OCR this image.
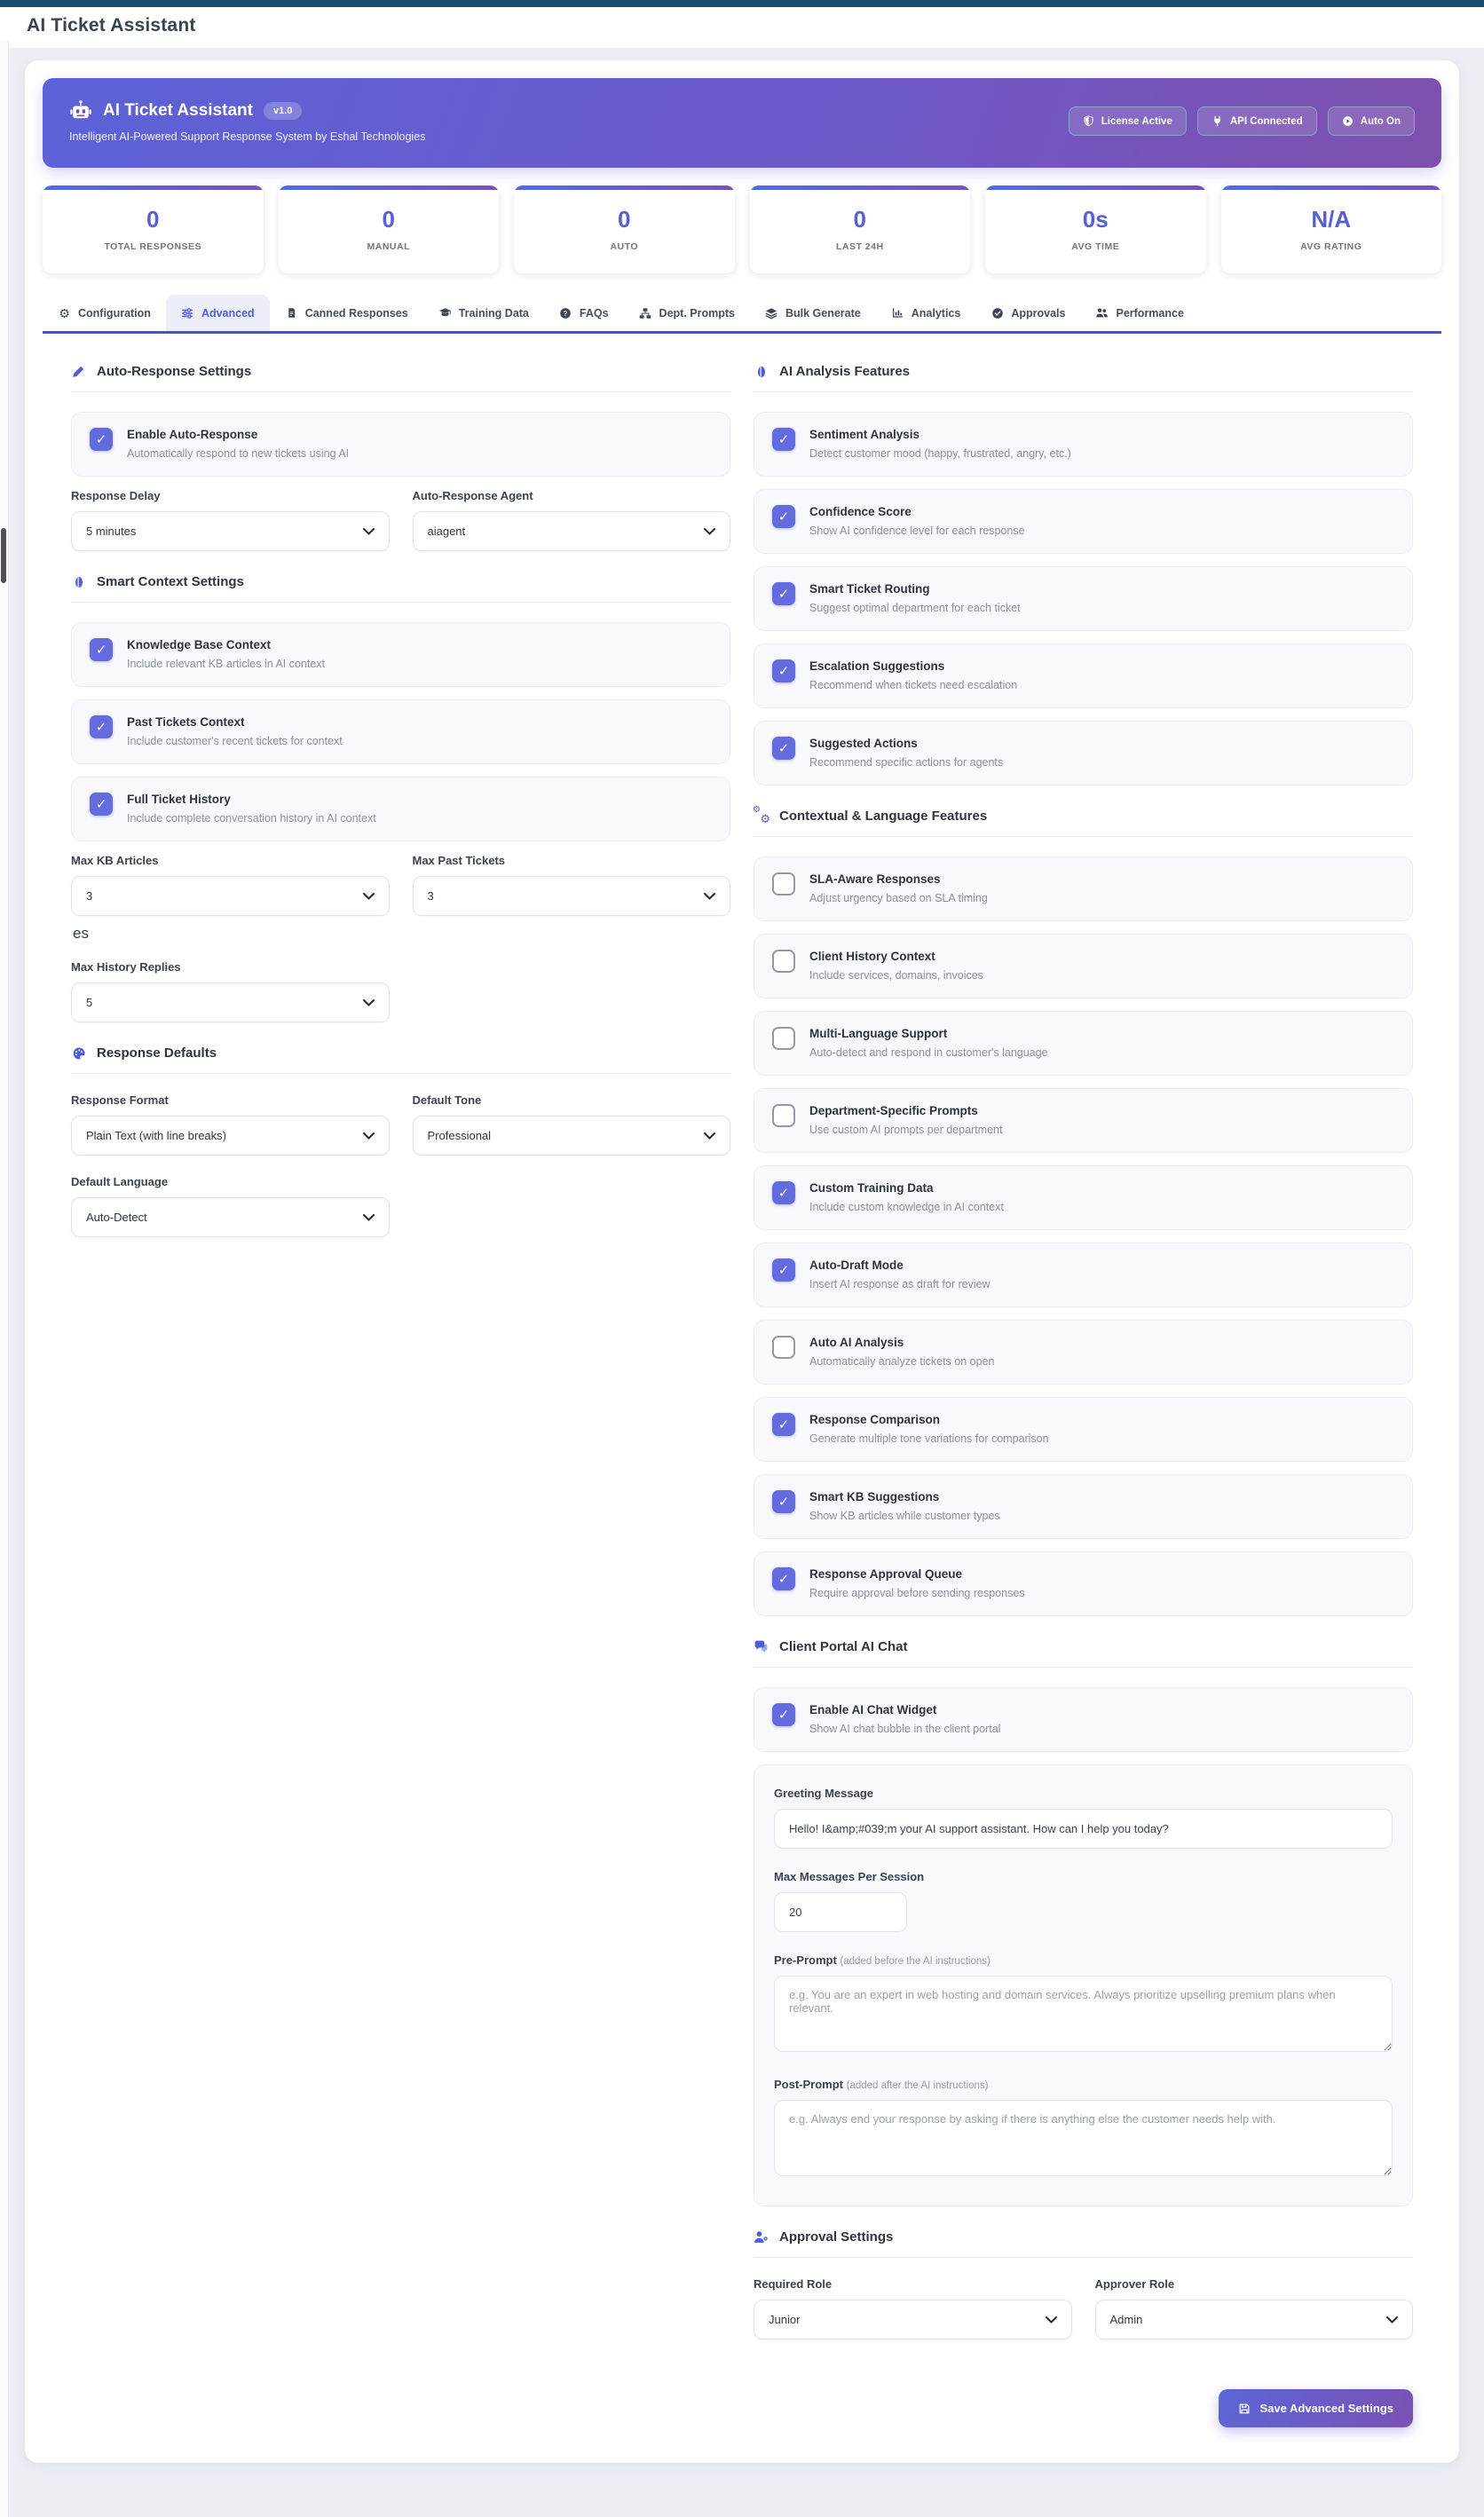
AI Ticket Assistant
AI Ticket Assistant	v1.0
Intelligent AI-Powered Support Response System by Eshal Technologies
License Active	API Connected	Auto On
0
TOTAL RESPONSES
0
MANUAL
0
AUTO
0
LAST 24H
0s
AVG TIME
N/A
AVG RATING
⚙ Configuration	Advanced	Canned Responses	Training Data	? FAQs	Dept. Prompts	Bulk Generate	Analytics	Approvals	Performance
Auto-Response Settings
✓ Enable Auto-Response
Automatically respond to new tickets using AI
Response Delay
5 minutes
Auto-Response Agent
aiagent
Smart Context Settings
✓ Knowledge Base Context
Include relevant KB articles in AI context
✓ Past Tickets Context
Include customer's recent tickets for context
✓ Full Ticket History
Include complete conversation history in AI context
Max KB Articles
3
Max Past Tickets
3
es
Max History Replies
5
Response Defaults
Response Format
Plain Text (with line breaks)
Default Tone
Professional
Default Language
Auto-Detect
AI Analysis Features
✓ Sentiment Analysis
Detect customer mood (happy, frustrated, angry, etc.)
✓ Confidence Score
Show AI confidence level for each response
✓ Smart Ticket Routing
Suggest optimal department for each ticket
✓ Escalation Suggestions
Recommend when tickets need escalation
✓ Suggested Actions
Recommend specific actions for agents
⚙
⚙ Contextual & Language Features
SLA-Aware Responses
Adjust urgency based on SLA timing
Client History Context
Include services, domains, invoices
Multi-Language Support
Auto-detect and respond in customer's language
Department-Specific Prompts
Use custom AI prompts per department
✓ Custom Training Data
Include custom knowledge in AI context
✓ Auto-Draft Mode
Insert AI response as draft for review
Auto AI Analysis
Automatically analyze tickets on open
✓ Response Comparison
Generate multiple tone variations for comparison
✓ Smart KB Suggestions
Show KB articles while customer types
✓ Response Approval Queue
Require approval before sending responses
Client Portal AI Chat
✓ Enable AI Chat Widget
Show AI chat bubble in the client portal
Greeting Message
Hello! I&amp;#039;m your AI support assistant. How can I help you today?
Max Messages Per Session
20
Pre-Prompt (added before the AI instructions)
e.g. You are an expert in web hosting and domain services. Always prioritize upselling premium plans when relevant.
Post-Prompt (added after the AI instructions)
e.g. Always end your response by asking if there is anything else the customer needs help with.
Approval Settings
Required Role
Junior
Approver Role
Admin
Save Advanced Settings
